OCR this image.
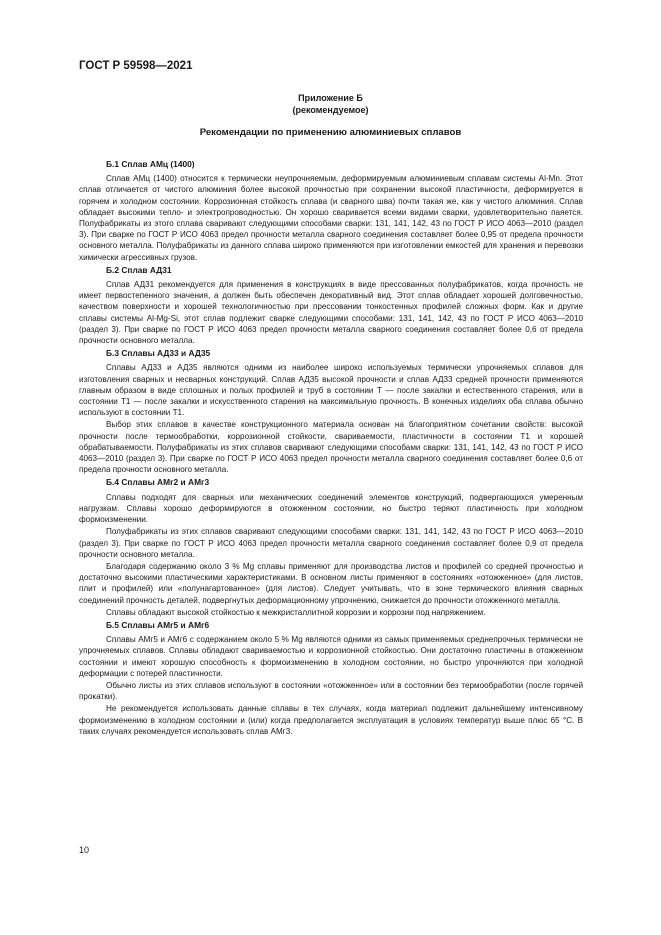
ГОСТ Р 59598—2021
Приложение Б
(рекомендуемое)
Рекомендации по применению алюминиевых сплавов
Б.1 Сплав АМц (1400)

Сплав АМц (1400) относится к термически неупрочняемым, деформируемым алюминиевым сплавам системы Al-Mn. Этот сплав отличается от чистого алюминия более высокой прочностью при сохранении высокой пластичности, деформируется в горячем и холодном состоянии. Коррозионная стойкость сплава (и сварного шва) почти такая же, как у чистого алюминия. Сплав обладает высокими тепло- и электропроводностью. Он хорошо сваривается всеми видами сварки, удовлетворительно паяется. Полуфабрикаты из этого сплава сваривают следующими способами сварки: 131, 141, 142, 43 по ГОСТ Р ИСО 4063—2010 (раздел 3). При сварке по ГОСТ Р ИСО 4063 предел прочности металла сварного соединения составляет более 0,95 от предела прочности основного металла. Полуфабрикаты из данного сплава широко применяются при изготовлении емкостей для хранения и перевозки химически агрессивных грузов.

Б.2 Сплав АД31

Сплав АД31 рекомендуется для применения в конструкциях в виде прессованных полуфабрикатов, когда прочность не имеет первостепенного значения, а должен быть обеспечен декоративный вид. Этот сплав обладает хорошей долговечностью, качеством поверхности и хорошей технологичностью при прессовании тонкостенных профилей сложных форм. Как и другие сплавы системы Al-Mg-Si, этот сплав подлежит сварке следующими способами: 131, 141, 142, 43 по ГОСТ Р ИСО 4063—2010 (раздел 3). При сварке по ГОСТ Р ИСО 4063 предел прочности металла сварного соединения составляет более 0,6 от предела прочности основного металла.

Б.3 Сплавы АД33 и АД35

Сплавы АД33 и АД35 являются одними из наиболее широко используемых термически упрочняемых сплавов для изготовления сварных и несварных конструкций. Сплав АД35 высокой прочности и сплав АД33 средней прочности применяются главным образом в виде сплошных и полых профилей и труб в состоянии Т — после закалки и естественного старения, или в состоянии Т1 — после закалки и искусственного старения на максимальную прочность. В конечных изделиях оба сплава обычно используют в состоянии Т1.

Выбор этих сплавов в качестве конструкционного материала основан на благоприятном сочетании свойств: высокой прочности после термообработки, коррозионной стойкости, свариваемости, пластичности в состоянии Т1 и хорошей обрабатываемости. Полуфабрикаты из этих сплавов сваривают следующими способами сварки: 131, 141, 142, 43 по ГОСТ Р ИСО 4063—2010 (раздел 3). При сварке по ГОСТ Р ИСО 4063 предел прочности металла сварного соединения составляет более 0,6 от предела прочности основного металла.

Б.4 Сплавы АМг2 и АМг3

Сплавы подходят для сварных или механических соединений элементов конструкций, подвергающихся умеренным нагрузкам. Сплавы хорошо деформируются в отожженном состоянии, но быстро теряют пластичность при холодном формоизменении.

Полуфабрикаты из этих сплавов сваривают следующими способами сварки: 131, 141, 142, 43 по ГОСТ Р ИСО 4063—2010 (раздел 3). При сварке по ГОСТ Р ИСО 4063 предел прочности металла сварного соединения составляет более 0,9 от предела прочности основного металла.

Благодаря содержанию около 3 % Mg сплавы применяют для производства листов и профилей со средней прочностью и достаточно высокими пластическими характеристиками. В основном листы применяют в состояниях «отожженное» (для листов, плит и профилей) или «полунагартованное» (для листов). Следует учитывать, что в зоне термического влияния сварных соединений прочность деталей, подвергнутых деформационному упрочнению, снижается до прочности отожженного металла.

Сплавы обладают высокой стойкостью к межкристаллитной коррозии и коррозии под напряжением.

Б.5 Сплавы АМг5 и АМг6

Сплавы АМг5 и АМг6 с содержанием около 5 % Mg являются одними из самых применяемых среднепрочных термически не упрочняемых сплавов. Сплавы обладают свариваемостью и коррозионной стойкостью. Они достаточно пластичны в отожженном состоянии и имеют хорошую способность к формоизменению в холодном состоянии, но быстро упрочняются при холодной деформации с потерей пластичности.

Обычно листы из этих сплавов используют в состоянии «отожженное» или в состоянии без термообработки (после горячей прокатки).

Не рекомендуется использовать данные сплавы в тех случаях, когда материал подлежит дальнейшему интенсивному формоизменению в холодном состоянии и (или) когда предполагается эксплуатация в условиях температур выше плюс 65 °С. В таких случаях рекомендуется использовать сплав АМг3.

10
